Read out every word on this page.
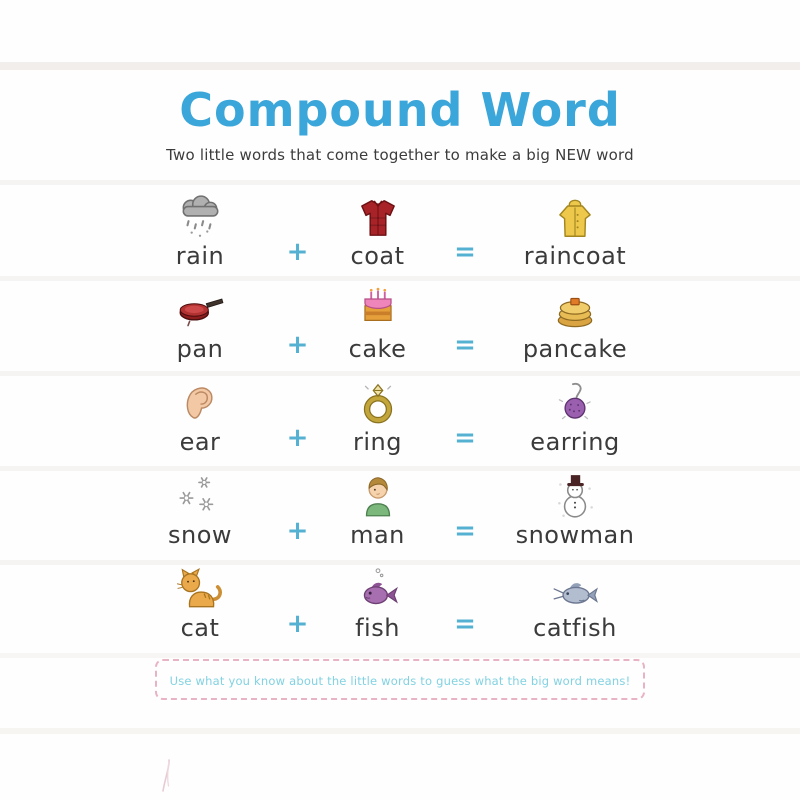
Compound Word

Two little words that come together to make a big NEW word

rain	+	coat	=	raincoat
pan	+	cake	=	pancake
ear	+	ring	=	earring
snow	+	man	=	snowman
cat	+	fish	=	catfish
Use what you know about the little words to guess what the big word means!
